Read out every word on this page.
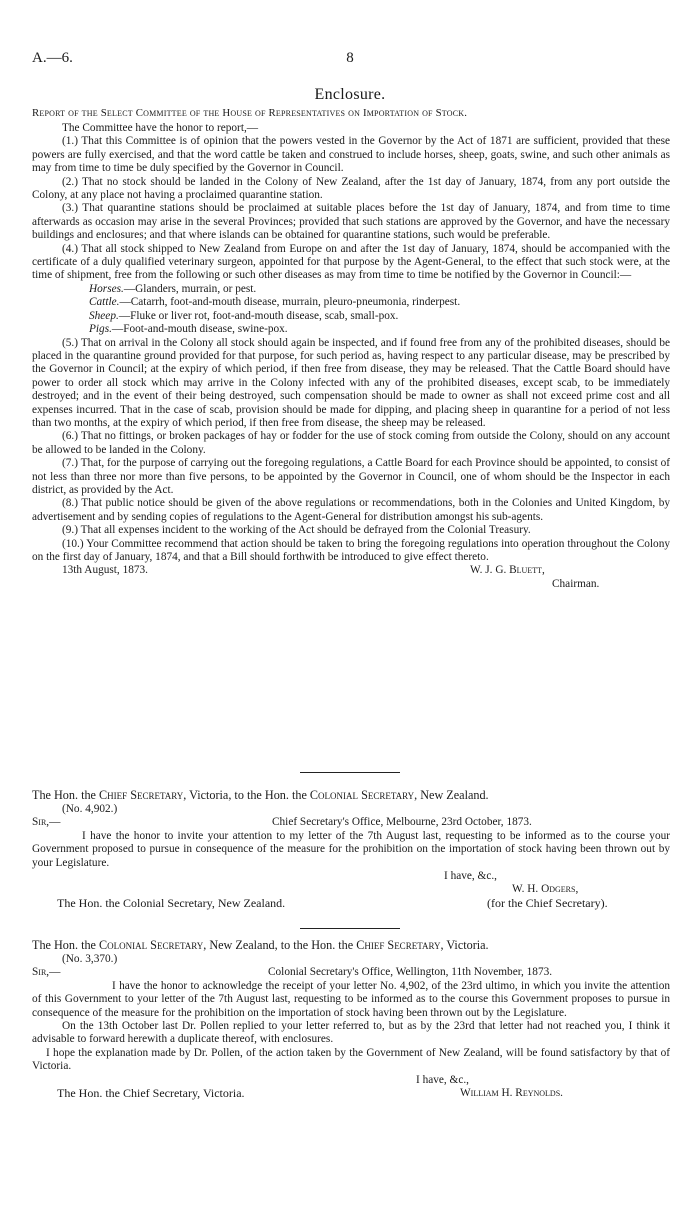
A.—6.	8
Enclosure.
Report of the Select Committee of the House of Representatives on Importation of Stock.

The Committee have the honor to report,—

(1.) That this Committee is of opinion that the powers vested in the Governor by the Act of 1871 are sufficient, provided that these powers are fully exercised, and that the word cattle be taken and construed to include horses, sheep, goats, swine, and such other animals as may from time to time be duly specified by the Governor in Council.

(2.) That no stock should be landed in the Colony of New Zealand, after the 1st day of January, 1874, from any port outside the Colony, at any place not having a proclaimed quarantine station.

(3.) That quarantine stations should be proclaimed at suitable places before the 1st day of January, 1874, and from time to time afterwards as occasion may arise in the several Provinces; provided that such stations are approved by the Governor, and have the necessary buildings and enclosures; and that where islands can be obtained for quarantine stations, such would be preferable.

(4.) That all stock shipped to New Zealand from Europe on and after the 1st day of January, 1874, should be accompanied with the certificate of a duly qualified veterinary surgeon, appointed for that purpose by the Agent-General, to the effect that such stock were, at the time of shipment, free from the following or such other diseases as may from time to time be notified by the Governor in Council:—

Horses.—Glanders, murrain, or pest.

Cattle.—Catarrh, foot-and-mouth disease, murrain, pleuro-pneumonia, rinderpest.

Sheep.—Fluke or liver rot, foot-and-mouth disease, scab, small-pox.

Pigs.—Foot-and-mouth disease, swine-pox.

(5.) That on arrival in the Colony all stock should again be inspected, and if found free from any of the prohibited diseases, should be placed in the quarantine ground provided for that purpose, for such period as, having respect to any particular disease, may be prescribed by the Governor in Council; at the expiry of which period, if then free from disease, they may be released. That the Cattle Board should have power to order all stock which may arrive in the Colony infected with any of the prohibited diseases, except scab, to be immediately destroyed; and in the event of their being destroyed, such compensation should be made to owner as shall not exceed prime cost and all expenses incurred. That in the case of scab, provision should be made for dipping, and placing sheep in quarantine for a period of not less than two months, at the expiry of which period, if then free from disease, the sheep may be released.

(6.) That no fittings, or broken packages of hay or fodder for the use of stock coming from outside the Colony, should on any account be allowed to be landed in the Colony.

(7.) That, for the purpose of carrying out the foregoing regulations, a Cattle Board for each Province should be appointed, to consist of not less than three nor more than five persons, to be appointed by the Governor in Council, one of whom should be the Inspector in each district, as provided by the Act.

(8.) That public notice should be given of the above regulations or recommendations, both in the Colonies and United Kingdom, by advertisement and by sending copies of regulations to the Agent-General for distribution amongst his sub-agents.

(9.) That all expenses incident to the working of the Act should be defrayed from the Colonial Treasury.

(10.) Your Committee recommend that action should be taken to bring the foregoing regulations into operation throughout the Colony on the first day of January, 1874, and that a Bill should forthwith be introduced to give effect thereto.

13th August, 1873.	W. J. G. Bluett,
Chairman.
The Hon. the Chief Secretary, Victoria, to the Hon. the Colonial Secretary, New Zealand.

(No. 4,902.)

Sir,—	Chief Secretary's Office, Melbourne, 23rd October, 1873.

I have the honor to invite your attention to my letter of the 7th August last, requesting to be informed as to the course your Government proposed to pursue in consequence of the measure for the prohibition on the importation of stock having been thrown out by your Legislature.

I have, &c.,
W. H. Odgers,
The Hon. the Colonial Secretary, New Zealand.	(for the Chief Secretary).
The Hon. the Colonial Secretary, New Zealand, to the Hon. the Chief Secretary, Victoria.

(No. 3,370.)

Sir,—	Colonial Secretary's Office, Wellington, 11th November, 1873.

I have the honor to acknowledge the receipt of your letter No. 4,902, of the 23rd ultimo, in which you invite the attention of this Government to your letter of the 7th August last, requesting to be informed as to the course this Government proposes to pursue in consequence of the measure for the prohibition on the importation of stock having been thrown out by the Legislature.

On the 13th October last Dr. Pollen replied to your letter referred to, but as by the 23rd that letter had not reached you, I think it advisable to forward herewith a duplicate thereof, with enclosures.

I hope the explanation made by Dr. Pollen, of the action taken by the Government of New Zealand, will be found satisfactory by that of Victoria.

I have, &c.,
The Hon. the Chief Secretary, Victoria.	William H. Reynolds.
